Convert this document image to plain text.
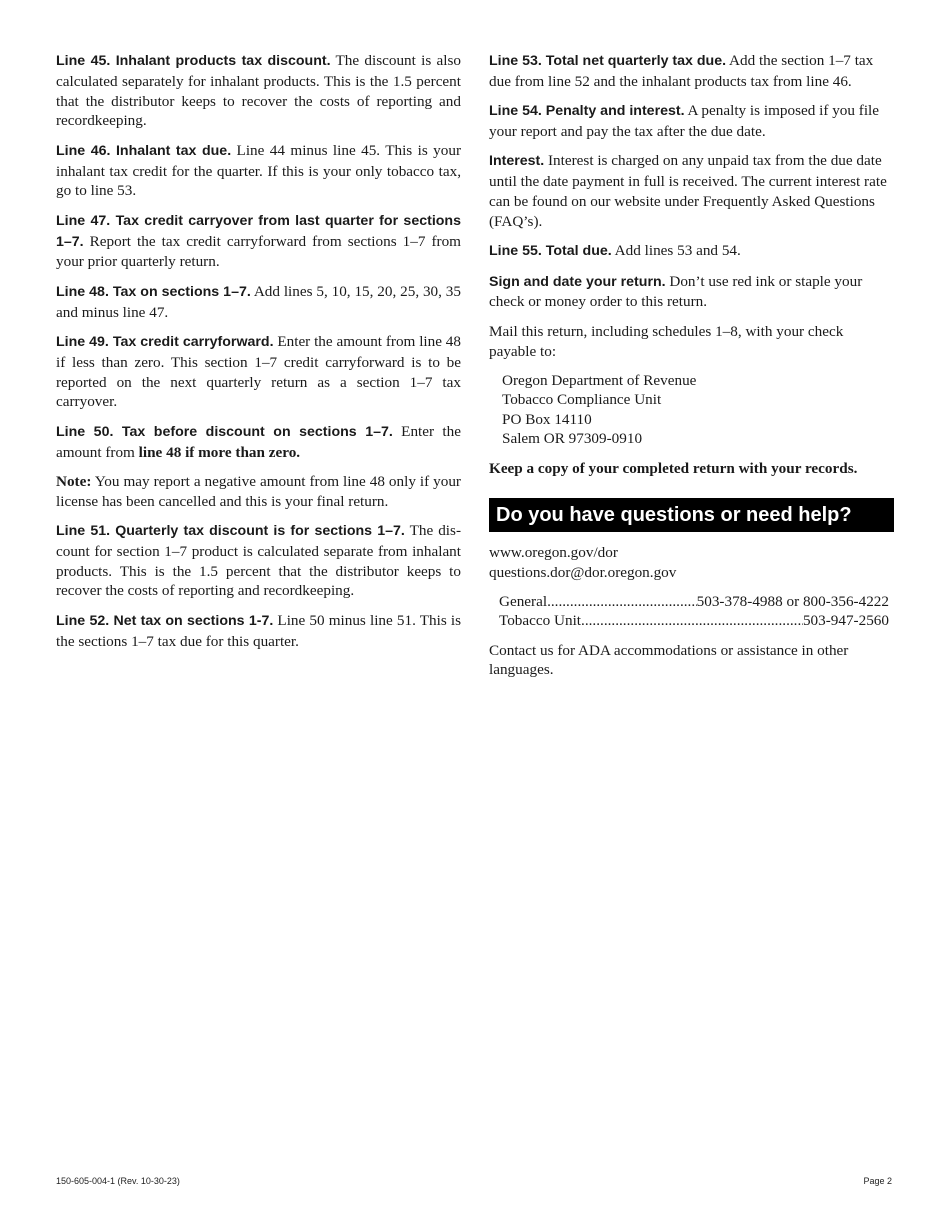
Line 45. Inhalant products tax discount. The discount is also calculated separately for inhalant products. This is the 1.5 percent that the distributor keeps to recover the costs of reporting and recordkeeping.

Line 46. Inhalant tax due. Line 44 minus line 45. This is your inhalant tax credit for the quarter. If this is your only tobacco tax, go to line 53.

Line 47. Tax credit carryover from last quarter for sections 1–7. Report the tax credit carryforward from sections 1–7 from your prior quarterly return.

Line 48. Tax on sections 1–7. Add lines 5, 10, 15, 20, 25, 30, 35 and minus line 47.

Line 49. Tax credit carryforward. Enter the amount from line 48 if less than zero. This section 1–7 credit carryforward is to be reported on the next quarterly return as a section 1–7 tax carryover.

Line 50. Tax before discount on sections 1–7. Enter the amount from line 48 if more than zero.

Note: You may report a negative amount from line 48 only if your license has been cancelled and this is your final return.

Line 51. Quarterly tax discount is for sections 1–7. The discount for section 1–7 product is calculated separate from inhalant products. This is the 1.5 percent that the distributor keeps to recover the costs of reporting and recordkeeping.

Line 52. Net tax on sections 1-7. Line 50 minus line 51. This is the sections 1–7 tax due for this quarter.

Line 53. Total net quarterly tax due. Add the section 1–7 tax due from line 52 and the inhalant products tax from line 46.

Line 54. Penalty and interest. A penalty is imposed if you file your report and pay the tax after the due date.

Interest. Interest is charged on any unpaid tax from the due date until the date payment in full is received. The current interest rate can be found on our website under Frequently Asked Questions (FAQ’s).

Line 55. Total due. Add lines 53 and 54.

Sign and date your return. Don’t use red ink or staple your check or money order to this return.

Mail this return, including schedules 1–8, with your check payable to:

Oregon Department of Revenue
Tobacco Compliance Unit
PO Box 14110
Salem OR 97309-0910

Keep a copy of your completed return with your records.

Do you have questions or need help?
www.oregon.gov/dor
questions.dor@dor.oregon.gov
General .....	503-378-4988 or 800-356-4222
Tobacco Unit .....	503-947-2560

Contact us for ADA accommodations or assistance in other languages.

150-605-004-1 (Rev. 10-30-23)	Page 2
